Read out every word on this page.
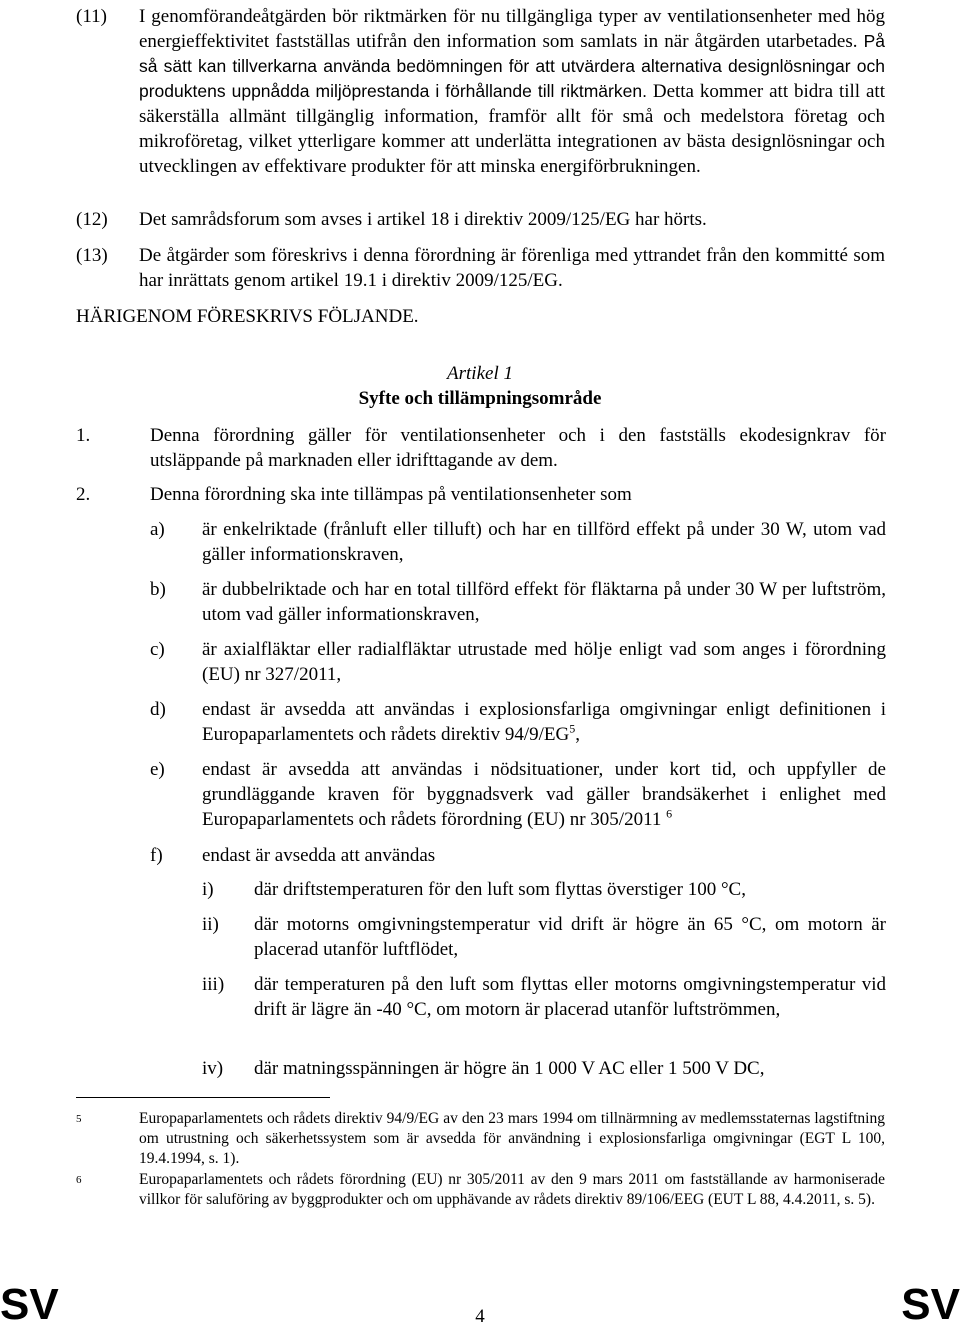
(11) I genomförandeåtgärden bör riktmärken för nu tillgängliga typer av ventilationsenheter med hög energieffektivitet fastställas utifrån den information som samlats in när åtgärden utarbetades. På så sätt kan tillverkarna använda bedömningen för att utvärdera alternativa designlösningar och produktens uppnådda miljöprestanda i förhållande till riktmärken. Detta kommer att bidra till att säkerställa allmänt tillgänglig information, framför allt för små och medelstora företag och mikroföretag, vilket ytterligare kommer att underlätta integrationen av bästa designlösningar och utvecklingen av effektivare produkter för att minska energiförbrukningen.
(12) Det samrådsforum som avses i artikel 18 i direktiv 2009/125/EG har hörts.
(13) De åtgärder som föreskrivs i denna förordning är förenliga med yttrandet från den kommitté som har inrättats genom artikel 19.1 i direktiv 2009/125/EG.
HÄRIGENOM FÖRESKRIVS FÖLJANDE.
Artikel 1
Syfte och tillämpningsområde
1.	Denna förordning gäller för ventilationsenheter och i den fastställs ekodesignkrav för utsläppande på marknaden eller idrifttagande av dem.
2.	Denna förordning ska inte tillämpas på ventilationsenheter som
a) är enkelriktade (frånluft eller tilluft) och har en tillförd effekt på under 30 W, utom vad gäller informationskraven,
b) är dubbelriktade och har en total tillförd effekt för fläktarna på under 30 W per luftström, utom vad gäller informationskraven,
c) är axialfläktar eller radialfläktar utrustade med hölje enligt vad som anges i förordning (EU) nr 327/2011,
d) endast är avsedda att användas i explosionsfarliga omgivningar enligt definitionen i Europaparlamentets och rådets direktiv $94/9/EG^5$,
e) endast är avsedda att användas i nödsituationer, under kort tid, och uppfyller de grundläggande kraven för byggnadsverk vad gäller brandsäkerhet i enlighet med Europaparlamentets och rådets förordning (EU) nr 305/2011 $^6$
f) endast är avsedda att användas
i) där driftstemperaturen för den luft som flyttas överstiger 100 °C,
ii) där motorns omgivningstemperatur vid drift är högre än 65 °C, om motorn är placerad utanför luftflödet,
iii) där temperaturen på den luft som flyttas eller motorns omgivningstemperatur vid drift är lägre än -40 °C, om motorn är placerad utanför luftströmmen,
iv) där matningsspänningen är högre än 1 000 V AC eller 1 500 V DC,
5	Europaparlamentets och rådets direktiv 94/9/EG av den 23 mars 1994 om tillnärmning av medlemsstaternas lagstiftning om utrustning och säkerhetssystem som är avsedda för användning i explosionsfarliga omgivningar (EGT L 100, 19.4.1994, s. 1).
6	Europaparlamentets och rådets förordning (EU) nr 305/2011 av den 9 mars 2011 om fastställande av harmoniserade villkor för saluföring av byggprodukter och om upphävande av rådets direktiv 89/106/EEG (EUT L 88, 4.4.2011, s. 5).
SV	4	SV
